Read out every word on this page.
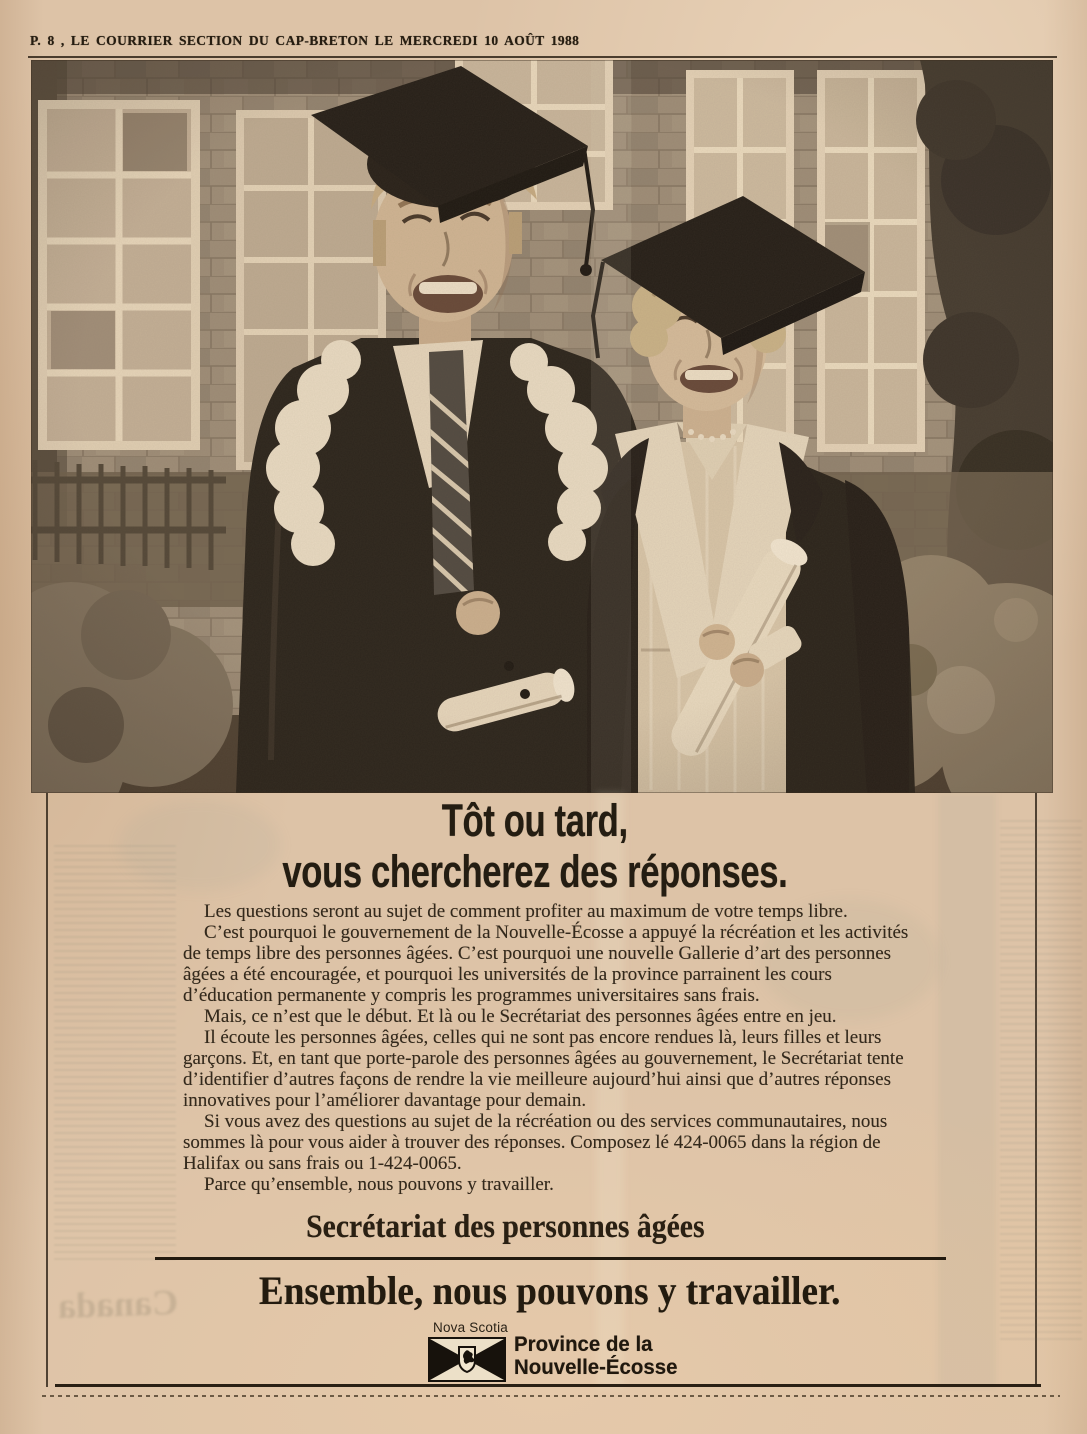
P. 8 , LE COURRIER SECTION DU CAP-BRETON LE MERCREDI 10 AOÛT 1988
Canada
Tôt ou tard,
vous chercherez des réponses.

Les questions seront au sujet de comment profiter au maximum de votre temps libre.

C’est pourquoi le gouvernement de la Nouvelle-Écosse a appuyé la récréation et les activités de temps libre des personnes âgées. C’est pourquoi une nouvelle Gallerie d’art des personnes âgées a été encouragée, et pourquoi les universités de la province parrainent les cours d’éducation permanente y compris les programmes universitaires sans frais.

Mais, ce n’est que le début. Et là ou le Secrétariat des personnes âgées entre en jeu.

Il écoute les personnes âgées, celles qui ne sont pas encore rendues là, leurs filles et leurs garçons. Et, en tant que porte-parole des personnes âgées au gouvernement, le Secrétariat tente d’identifier d’autres façons de rendre la vie meilleure aujourd’hui ainsi que d’autres réponses innovatives pour l’améliorer davantage pour demain.

Si vous avez des questions au sujet de la récréation ou des services communautaires, nous sommes là pour vous aider à trouver des réponses. Composez lé 424-0065 dans la région de Halifax ou sans frais ou 1-424-0065.

Parce qu’ensemble, nous pouvons y travailler.

Secrétariat des personnes âgées
Ensemble, nous pouvons y travailler.
Nova Scotia
Province de la
Nouvelle-Écosse
